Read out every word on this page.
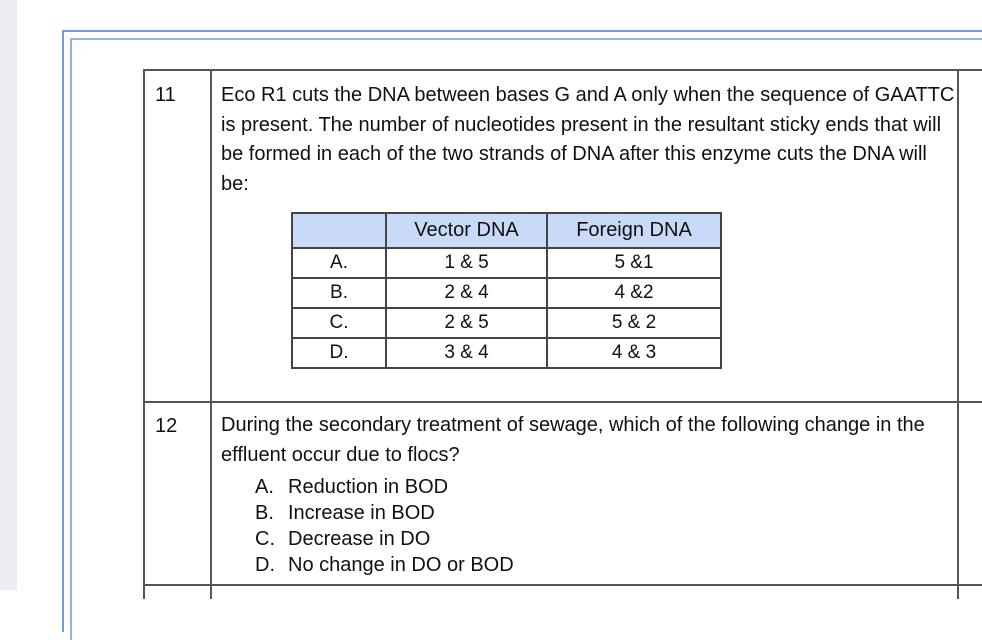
11 Eco R1 cuts the DNA between bases G and A only when the sequence of GAATTC is present. The number of nucleotides present in the resultant sticky ends that will be formed in each of the two strands of DNA after this enzyme cuts the DNA will be:
	Vector DNA	Foreign DNA
A.	1 & 5	5 &1
B.	2 & 4	4 &2
C.	2 & 5	5 & 2
D.	3 & 4	4 & 3
12 During the secondary treatment of sewage, which of the following change in the effluent occur due to flocs?
A. Reduction in BOD
B. Increase in BOD
C. Decrease in DO
D. No change in DO or BOD
